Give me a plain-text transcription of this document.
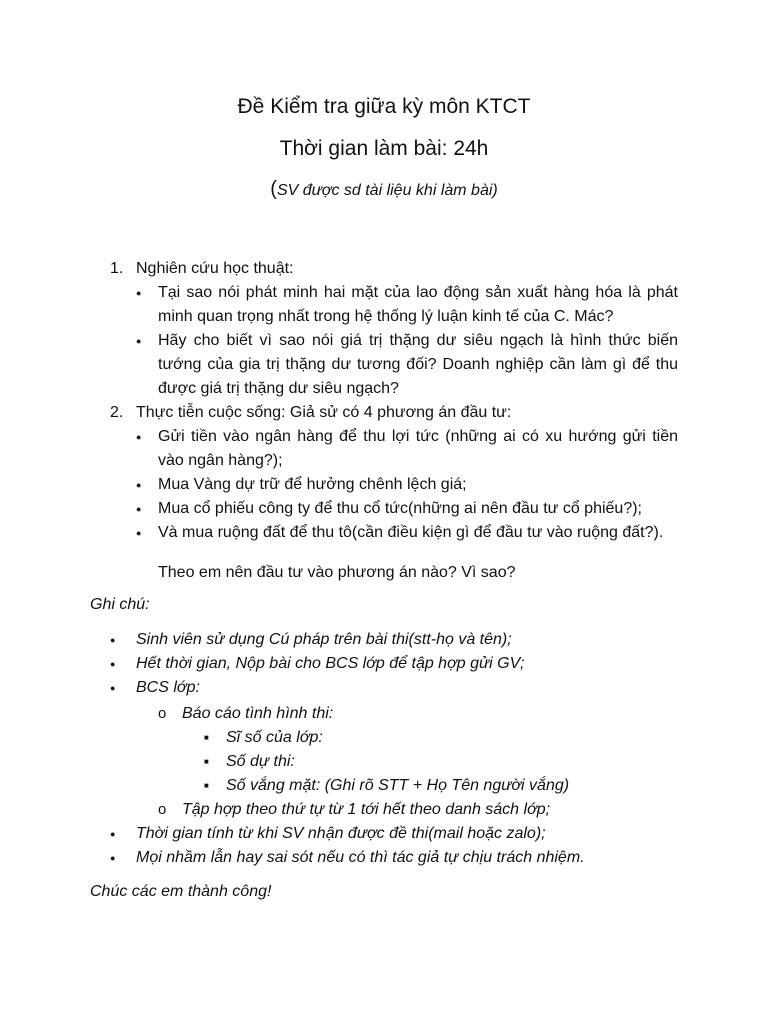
Đề Kiểm tra giữa kỳ môn KTCT
Thời gian làm bài: 24h
(SV được sd tài liệu khi làm bài)
1. Nghiên cứu học thuật:
● Tại sao nói phát minh hai mặt của lao động sản xuất hàng hóa là phát minh quan trọng nhất trong hệ thống lý luận kinh tế của C. Mác?
● Hãy cho biết vì sao nói giá trị thặng dư siêu ngạch là hình thức biến tướng của gia trị thặng dư tương đối? Doanh nghiệp cần làm gì để thu được giá trị thặng dư siêu ngạch?
2. Thực tiễn cuộc sống: Giả sử có 4 phương án đầu tư:
● Gửi tiền vào ngân hàng để thu lợi tức (những ai có xu hướng gửi tiền vào ngân hàng?);
● Mua Vàng dự trữ để hưởng chênh lệch giá;
● Mua cổ phiếu công ty để thu cổ tức(những ai nên đầu tư cổ phiếu?);
● Và mua ruộng đất để thu tô(cần điều kiện gì để đầu tư vào ruộng đất?).
Theo em nên đầu tư vào phương án nào? Vì sao?
Ghi chú:
● Sinh viên sử dụng Cú pháp trên bài thi(stt-họ và tên);
● Hết thời gian, Nộp bài cho BCS lớp để tập hợp gửi GV;
● BCS lớp:
o Báo cáo tình hình thi:
■ Sĩ số của lớp:
■ Số dự thi:
■ Số vắng mặt: (Ghi rõ STT + Họ Tên người vắng)
o Tập hợp theo thứ tự từ 1 tới hết theo danh sách lớp;
● Thời gian tính từ khi SV nhận được đề thi(mail hoặc zalo);
● Mọi nhầm lẫn hay sai sót nếu có thì tác giả tự chịu trách nhiệm.
Chúc các em thành công!
